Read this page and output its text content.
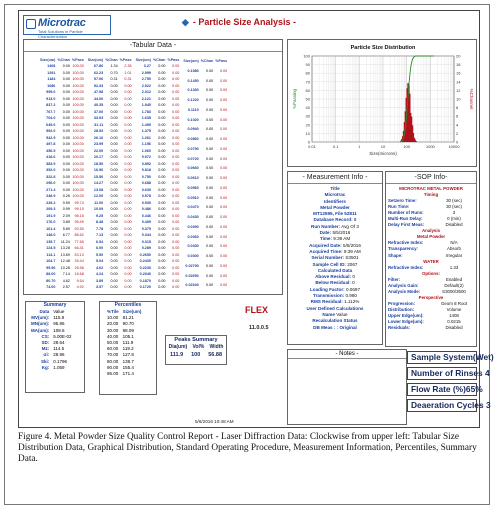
Microtrac
Total Solutions in Particle Characterization
◆ - Particle Size Analysis -
-Tabular Data -
Size(um)	%Chan	%Pass
1408	0.00	100.00
1291	0.00	100.00
1184	0.00	100.00
1086	0.00	100.00
995.6	0.00	100.00
913.0	0.00	100.00
837.2	0.00	100.00
767.7	0.00	100.00
704.0	0.00	100.00
645.6	0.00	100.00
592.0	0.00	100.00
542.9	0.00	100.00
497.8	0.00	100.00
456.5	0.00	100.00
418.6	0.00	100.00
383.9	0.00	100.00
352.0	0.00	100.00
322.8	0.00	100.00
296.0	0.00	100.00
271.4	0.00	100.00
248.9	0.26	100.00
228.2	0.59	99.74
209.3	0.99	99.15
191.9	2.09	98.16
176.0	3.89	95.99
161.4	5.89	92.50
148.0	6.77	86.62
135.7	11.24	77.65
124.5	13.28	66.41
114.1	13.69	53.13
104.7	12.48	39.44
95.96	10.28	26.96
88.00	7.14	16.68
80.70	4.62	9.54
74.00	2.57	4.92
Size(um)	%Chan	%Pass
67.86	1.34	2.35
62.23	0.70	1.01
57.06	0.31	0.31
52.33	0.00	0.00
47.98	0.00	0.00
44.00	0.00	0.00
40.35	0.00	0.00
37.00	0.00	0.00
33.93	0.00	0.00
31.11	0.00	0.00
28.53	0.00	0.00
26.16	0.00	0.00
23.99	0.00	0.00
22.00	0.00	0.00
20.17	0.00	0.00
18.50	0.00	0.00
16.96	0.00	0.00
15.56	0.00	0.00
14.27	0.00	0.00
13.08	0.00	0.00
12.00	0.00	0.00
11.00	0.00	0.00
10.09	0.00	0.00
9.25	0.00	0.00
8.48	0.00	0.00
7.78	0.00	0.00
7.13	0.00	0.00
6.54	0.00	0.00
6.00	0.00	0.00
5.50	0.00	0.00
5.04	0.00	0.00
4.62	0.00	0.00
4.24	0.00	0.00
3.89	0.00	0.00
3.57	0.00	0.00
Size(um)	%Chan	%Pass
3.27	0.00	0.00
2.999	0.00	0.00
2.750	0.00	0.00
2.522	0.00	0.00
2.312	0.00	0.00
2.121	0.00	0.00
1.945	0.00	0.00
1.783	0.00	0.00
1.635	0.00	0.00
1.499	0.00	0.00
1.375	0.00	0.00
1.261	0.00	0.00
1.156	0.00	0.00
1.060	0.00	0.00
0.972	0.00	0.00
0.892	0.00	0.00
0.818	0.00	0.00
0.750	0.00	0.00
0.688	0.00	0.00
0.630	0.00	0.00
0.578	0.00	0.00
0.530	0.00	0.00
0.486	0.00	0.00
0.446	0.00	0.00
0.409	0.00	0.00
0.375	0.00	0.00
0.344	0.00	0.00
0.315	0.00	0.00
0.289	0.00	0.00
0.2650	0.00	0.00
0.2430	0.00	0.00
0.2230	0.00	0.00
0.2040	0.00	0.00
0.1870	0.00	0.00
0.1720	0.00	0.00
Size(um)	%Chan	%Pass
0.1580	0.00	0.00
0.1450	0.00	0.00
0.1330	0.00	0.00
0.1220	0.00	0.00
0.1110	0.00	0.00
0.1020	0.00	0.00
0.0940	0.00	0.00
0.0860	0.00	0.00
0.0790	0.00	0.00
0.0720	0.00	0.00
0.0660	0.00	0.00
0.0610	0.00	0.00
0.0560	0.00	0.00
0.0510	0.00	0.00
0.0470	0.00	0.00
0.0430	0.00	0.00
0.0390	0.00	0.00
0.0360	0.00	0.00
0.0330	0.00	0.00
0.0300	0.00	0.00
0.02790	0.00	0.00
0.02550	0.00	0.00
0.02340	0.00	0.00
Particle Size Distribution
0
10
20
30
40
50
60
70
80
90
100
0
2
4
6
8
10
12
14
16
18
20
0.01	0.1	1	10	100	1000	10000
Size(microns)
%Passing	%Channel
- Measurement Info -
Title
Microtrac
Identifiers
Metal Powder
MT12595, File 52811
Database Record: 8
Run Number: Avg Of 3
Date: 5/5/2016
Time: 9:39 AM
Acquired Date: 5/5/2016
Acquired Time: 9:39 AM
Serial Number: S3501
Sample Cell ID: 2067
Calculated Data
Above Residual: 0
Below Residual: 0
Loading Factor: 0.0697
Transmission: 0.980
RMS Residual: 1.112%
User Defined Calculations
Name Value
Recalculation Status
DB Meas : : Original
-SOP Info-
MICROTRAC METAL POWDER
Timing
Setzero Time:	30 (sec)
Run Time:	30 (sec)
Number of Runs:	3
Multi-Run Delay:	0 (min)
Delay First Meas:	Disabled
Analysis
Metal Powder
Refractive Index:	N/A
Transparency:	Absorb
Shape:	Irregular
WATER
Refractive Index:	1.33
Options:
Filter:	Enabled
Analysis Gain:	Default(2)
Analysis Mode:	S3000/3500
Perspective
Progression:	Geom 8 Root
Distribution:	Volume
Upper Edge(um):	1408
Lower Edge(um):	0.0215
Residuals:	Disabled
Summary
Data	Value
MV(um):	115.8
MN(um):	95.86
MA(um):	108.6
CS:	5.00E-02
SD:	28.64
Mz:	114.5
σi:	28.96
Ski:	0.1796
Kg:	1.059
Percentiles
%Tile	Size(um)
10.00	81.21
20.00	90.70
30.00	98.09
40.00	105.1
50.00	111.9
60.00	119.2
70.00	127.8
80.00	138.7
90.00	155.4
95.00	171.4
Peaks Summary
Dia(um) Vol% Width
111.9 100 56.88
FLEX
11.0.0.5
5/6/2016 10:48 AM
- Notes -	Sample System(Wet)
Number of Rinses 4
Flow Rate (%)65%
Deaeration Cycles 3
Figure 4. Metal Powder Size Quality Control Report - Laser Diffraction Data: Clockwise from upper left: Tabular Size Distribution Data, Graphical Distribution, Standard Operating Procedure, Measurement Information, Percentiles, Summary Data.
